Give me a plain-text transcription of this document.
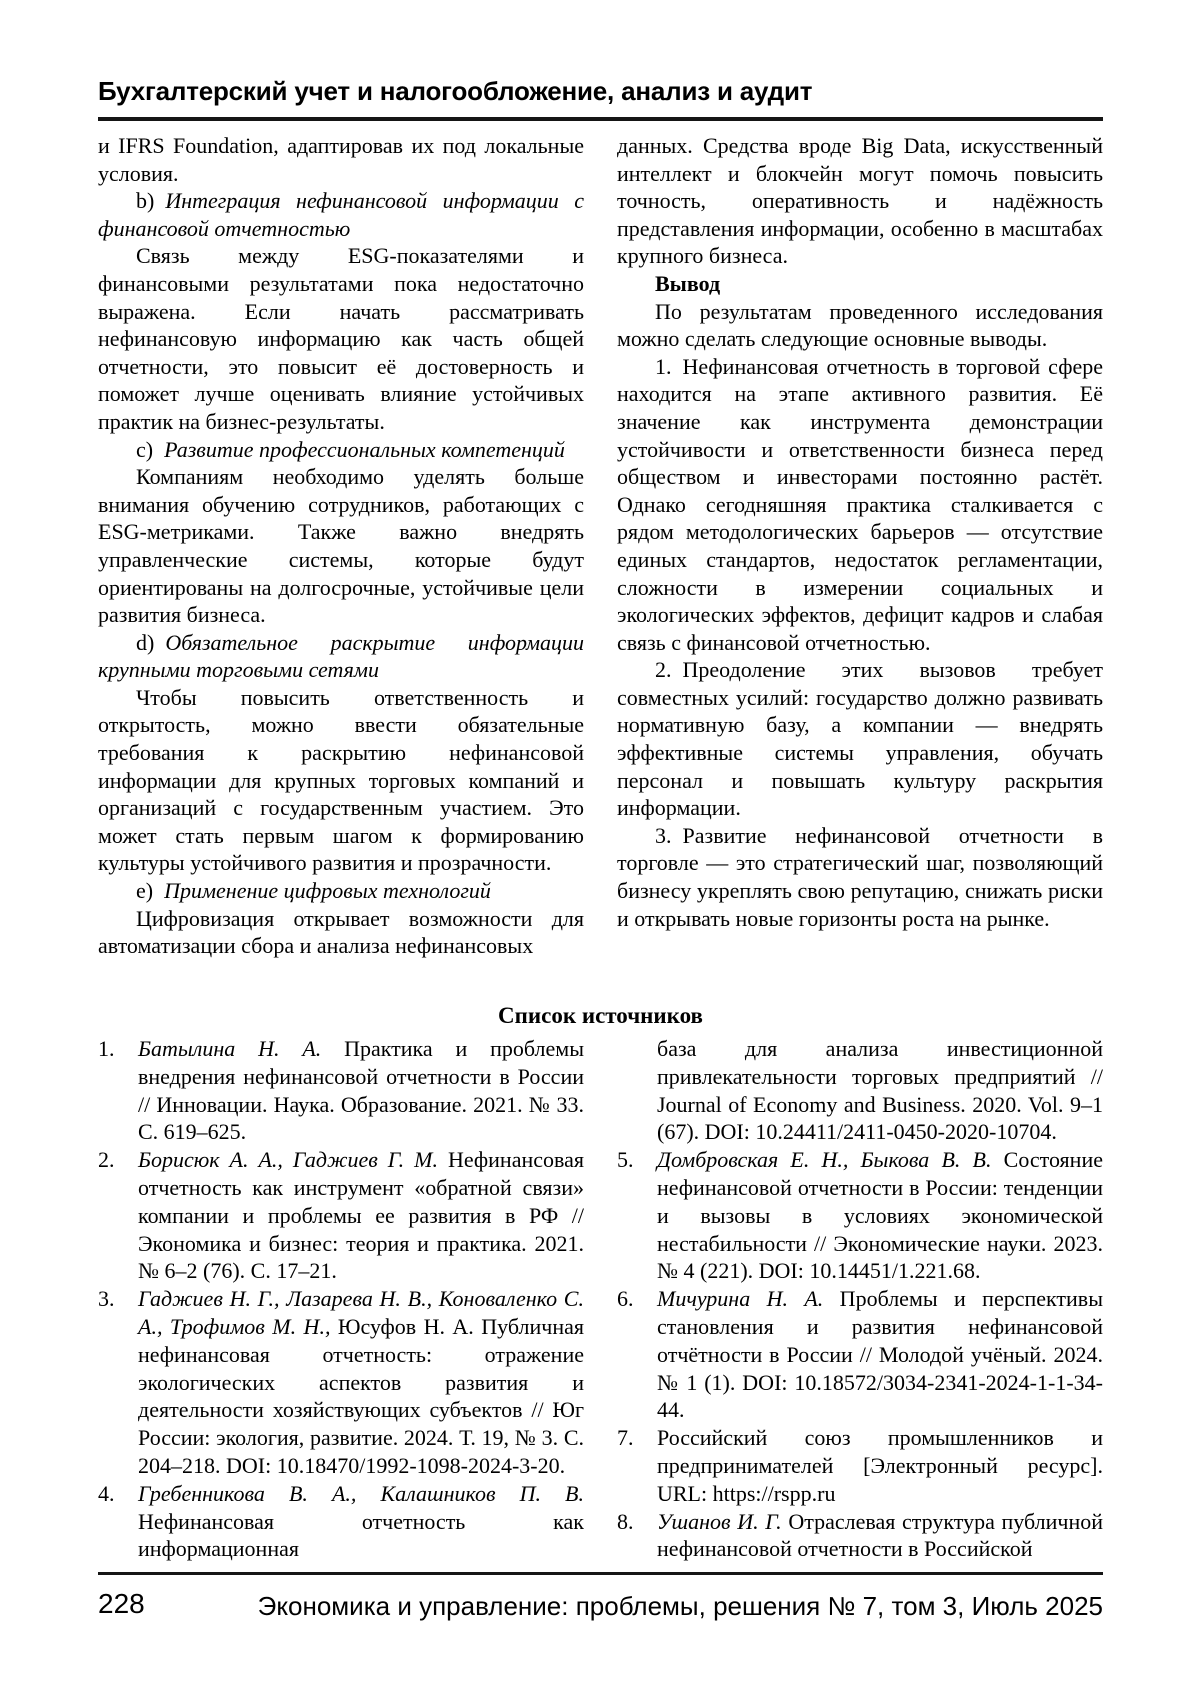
Бухгалтерский учет и налогообложение, анализ и аудит

и IFRS Foundation, адаптировав их под локальные условия.

b) Интеграция нефинансовой информации с финансовой отчетностью

Связь между ESG-показателями и финансовыми результатами пока недостаточно выражена. Если начать рассматривать нефинансовую информацию как часть общей отчетности, это повысит её достоверность и поможет лучше оценивать влияние устойчивых практик на бизнес-результаты.

c) Развитие профессиональных компетенций

Компаниям необходимо уделять больше внимания обучению сотрудников, работающих с ESG-метриками. Также важно внедрять управленческие системы, которые будут ориентированы на долгосрочные, устойчивые цели развития бизнеса.

d) Обязательное раскрытие информации крупными торговыми сетями

Чтобы повысить ответственность и открытость, можно ввести обязательные требования к раскрытию нефинансовой информации для крупных торговых компаний и организаций с государственным участием. Это может стать первым шагом к формированию культуры устойчивого развития и прозрачности.

e) Применение цифровых технологий

Цифровизация открывает возможности для автоматизации сбора и анализа нефинансовых

данных. Средства вроде Big Data, искусственный интеллект и блокчейн могут помочь повысить точность, оперативность и надёжность представления информации, особенно в масштабах крупного бизнеса.

Вывод

По результатам проведенного исследования можно сделать следующие основные выводы.

1. Нефинансовая отчетность в торговой сфере находится на этапе активного развития. Её значение как инструмента демонстрации устойчивости и ответственности бизнеса перед обществом и инвесторами постоянно растёт. Однако сегодняшняя практика сталкивается с рядом методологических барьеров — отсутствие единых стандартов, недостаток регламентации, сложности в измерении социальных и экологических эффектов, дефицит кадров и слабая связь с финансовой отчетностью.

2. Преодоление этих вызовов требует совместных усилий: государство должно развивать нормативную базу, а компании — внедрять эффективные системы управления, обучать персонал и повышать культуру раскрытия информации.

3. Развитие нефинансовой отчетности в торговле — это стратегический шаг, позволяющий бизнесу укреплять свою репутацию, снижать риски и открывать новые горизонты роста на рынке.

Список источников
1.	Батылина Н. А. Практика и проблемы внедрения нефинансовой отчетности в России // Инновации. Наука. Образование. 2021. № 33. С. 619–625.
2.	Борисюк А. А., Гаджиев Г. М. Нефинансовая отчетность как инструмент «обратной связи» компании и проблемы ее развития в РФ // Экономика и бизнес: теория и практика. 2021. № 6–2 (76). С. 17–21.
3.	Гаджиев Н. Г., Лазарева Н. В., Коноваленко С. А., Трофимов М. Н., Юсуфов Н. А. Публичная нефинансовая отчетность: отражение экологических аспектов развития и деятельности хозяйствующих субъектов // Юг России: экология, развитие. 2024. Т. 19, № 3. С. 204–218. DOI: 10.18470/1992-1098-2024-3-20.
4.	Гребенникова В. А., Калашников П. В. Нефинансовая отчетность как информационная
база для анализа инвестиционной привлекательности торговых предприятий // Journal of Economy and Business. 2020. Vol. 9–1 (67). DOI: 10.24411/2411-0450-2020-10704.
5.	Домбровская Е. Н., Быкова В. В. Состояние нефинансовой отчетности в России: тенденции и вызовы в условиях экономической нестабильности // Экономические науки. 2023. № 4 (221). DOI: 10.14451/1.221.68.
6.	Мичурина Н. А. Проблемы и перспективы становления и развития нефинансовой отчётности в России // Молодой учёный. 2024. № 1 (1). DOI: 10.18572/3034-2341-2024-1-1-34-44.
7.	Российский союз промышленников и предпринимателей [Электронный ресурс]. URL: https://rspp.ru
8.	Ушанов И. Г. Отраслевая структура публичной нефинансовой отчетности в Российской
228	Экономика и управление: проблемы, решения № 7, том 3, Июль 2025
